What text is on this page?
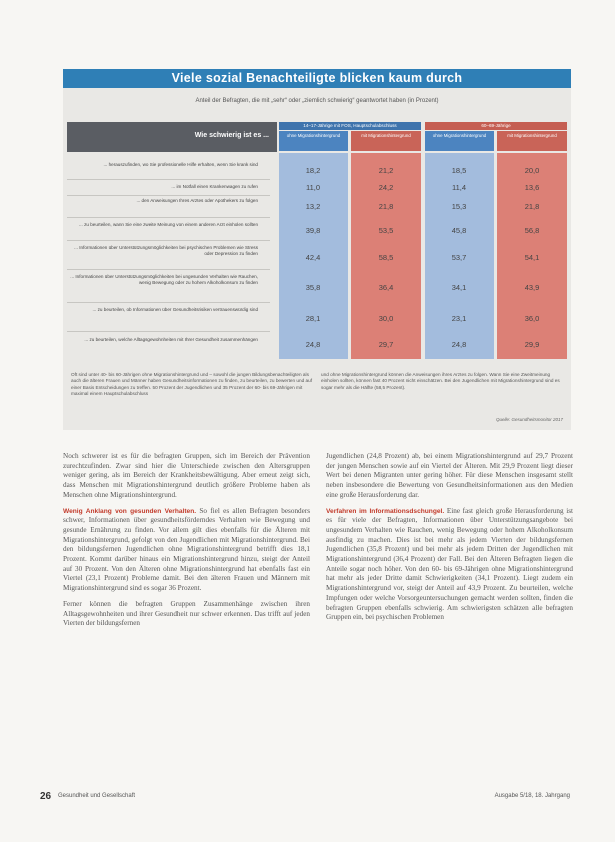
Viele sozial Benachteiligte blicken kaum durch
Anteil der Befragten, die mit „sehr“ oder „ziemlich schwierig“ geantwortet haben (in Prozent)
Wie schwierig ist es ...
14–17-Jährige mit FOS, Hauptschulabschluss	60–69-Jährige
ohne Migrationshintergrund	mit Migrationshintergrund	ohne Migrationshintergrund	mit Migrationshintergrund
... herauszufinden, wo Sie professionelle Hilfe erhalten, wenn Sie krank sind
18,2	21,2	18,5	20,0
... im Notfall einen Krankenwagen zu rufen	11,0	24,2	11,4	13,6
... den Anweisungen Ihres Arztes oder Apothekers zu folgen
13,2	21,8	15,3	21,8
... zu beurteilen, wann Sie eine zweite Meinung von einem anderen Arzt einholen sollten
39,8	53,5	45,8	56,8
... Informationen über Unterstützungsmöglichkeiten bei psychischen Problemen wie Stress oder Depression zu finden	42,4	58,5	53,7	54,1
... Informationen über Unterstützungsmöglichkeiten bei ungesunden Verhalten wie Rauchen, wenig Bewegung oder zu hohem Alkoholkonsum zu finden
35,8	36,4	34,1	43,9
... zu beurteilen, ob Informationen über Gesundheitsrisiken vertrauenswürdig sind
28,1	30,0	23,1	36,0
... zu beurteilen, welche Alltagsgewohnheiten mit Ihrer Gesundheit zusammenhängen
24,8	29,7	24,8	29,9
Oft sind unter 40- bis 60-Jährigen ohne Migrationshintergrund und – sowohl die jungen Bildungsbenachteiligten als auch die älteren Frauen und Männer haben Gesundheitsinformationen zu finden, zu beurteilen, zu bewerten und auf einer Basis Entscheidungen zu treffen. 50 Prozent der Jugendlichen und 35 Prozent der 60- bis 69-Jährigen mit maximal einem Hauptschulabschluss
und ohne Migrationshintergrund können die Anweisungen ihres Arztes zu folgen. Wann Sie eine Zweitmeinung einholen sollten, können fast 40 Prozent nicht einschätzen. Bei den Jugendlichen mit Migrationshintergrund sind es sogar mehr als die Hälfte (58,5 Prozent).
Quelle: Gesundheitsmonitor 2017

Noch schwerer ist es für die befragten Gruppen, sich im Bereich der Prävention zurechtzufinden. Zwar sind hier die Unterschiede zwischen den Altersgruppen weniger gering, als im Bereich der Krankheitsbewältigung. Aber erneut zeigt sich, dass Menschen mit Migrationshintergrund deutlich größere Probleme haben als Menschen ohne Migrationshintergrund.

Wenig Anklang von gesunden Verhalten. So fiel es allen Befragten besonders schwer, Informationen über gesundheitsförderndes Verhalten wie Bewegung und gesunde Ernährung zu finden. Vor allem gilt dies ebenfalls für die Älteren mit Migrationshintergrund, gefolgt von den Jugendlichen mit Migrationshintergrund. Bei den bildungsfernen Jugendlichen ohne Migrationshintergrund betrifft dies 18,1 Prozent. Kommt darüber hinaus ein Migrationshintergrund hinzu, steigt der Anteil auf 30 Prozent. Von den Älteren ohne Migrationshintergrund hat ebenfalls fast ein Viertel (23,1 Prozent) Probleme damit. Bei den älteren Frauen und Männern mit Migrationshintergrund sind es sogar 36 Prozent.

Ferner können die befragten Gruppen Zusammenhänge zwischen ihren Alltagsgewohnheiten und ihrer Gesundheit nur schwer erkennen. Das trifft auf jeden Vierten der bildungsfernen

Jugendlichen (24,8 Prozent) ab, bei einem Migrationshintergrund auf 29,7 Prozent der jungen Menschen sowie auf ein Viertel der Älteren. Mit 29,9 Prozent liegt dieser Wert bei denen Migranten unter gering höher. Für diese Menschen insgesamt stellt neben insbesondere die Bewertung von Gesundheitsinformationen aus den Medien eine große Herausforderung dar.

Verfahren im Informationsdschungel. Eine fast gleich große Herausforderung ist es für viele der Befragten, Informationen über Unterstützungsangebote bei ungesundem Verhalten wie Rauchen, wenig Bewegung oder hohem Alkoholkonsum ausfindig zu machen. Dies ist bei mehr als jedem Vierten der bildungsfernen Jugendlichen (35,8 Prozent) und bei mehr als jedem Dritten der Jugendlichen mit Migrationshintergrund (36,4 Prozent) der Fall. Bei den Älteren Befragten liegen die Anteile sogar noch höher. Von den 60- bis 69-Jährigen ohne Migrationshintergrund hat mehr als jeder Dritte damit Schwierigkeiten (34,1 Prozent). Liegt zudem ein Migrationshintergrund vor, steigt der Anteil auf 43,9 Prozent. Zu beurteilen, welche Impfungen oder welche Vorsorgeuntersuchungen gemacht werden sollten, finden die befragten Gruppen ebenfalls schwierig. Am schwierigsten schätzen alle befragten Gruppen ein, bei psychischen Problemen

26 Gesundheit und Gesellschaft	Ausgabe 5/18, 18. Jahrgang
